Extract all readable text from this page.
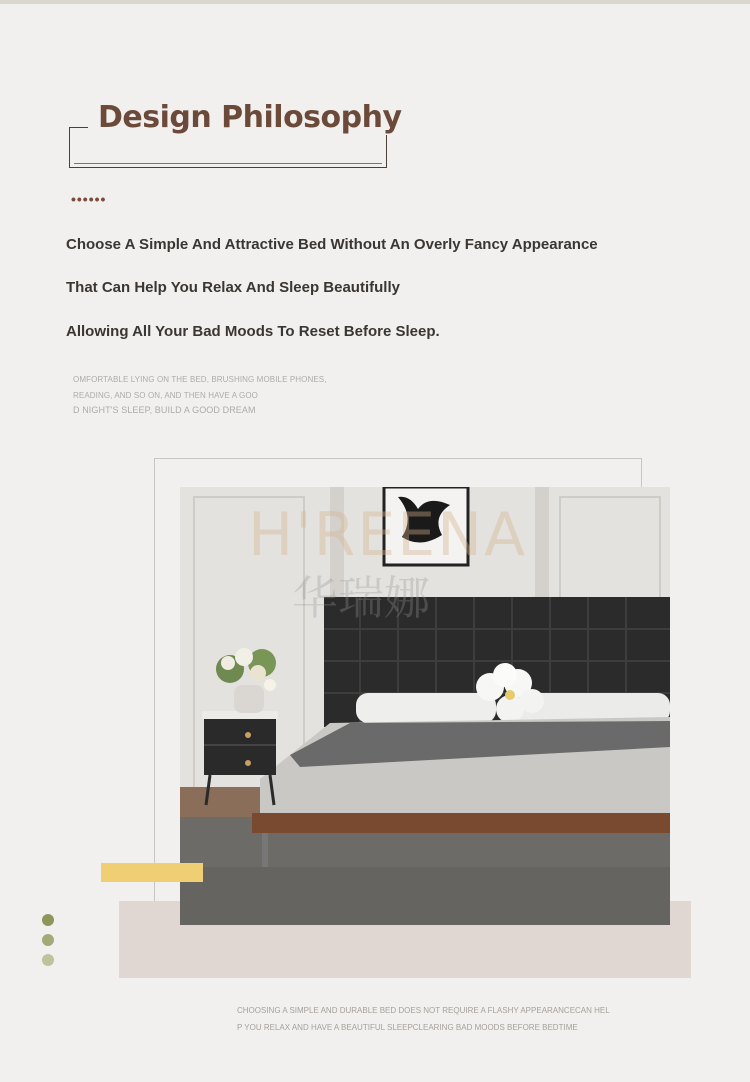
Design Philosophy
••••••
Choose A Simple And Attractive Bed Without An Overly Fancy Appearance
That Can Help You Relax And Sleep Beautifully
Allowing All Your Bad Moods To Reset Before Sleep.
OMFORTABLE LYING ON THE BED, BRUSHING MOBILE PHONES,
READING, AND SO ON, AND THEN HAVE A GOO
D NIGHT'S SLEEP, BUILD A GOOD DREAM
H'REENA
华瑞娜
CHOOSING A SIMPLE AND DURABLE BED DOES NOT REQUIRE A FLASHY APPEARANCECAN HEL
P YOU RELAX AND HAVE A BEAUTIFUL SLEEPCLEARING BAD MOODS BEFORE BEDTIME
